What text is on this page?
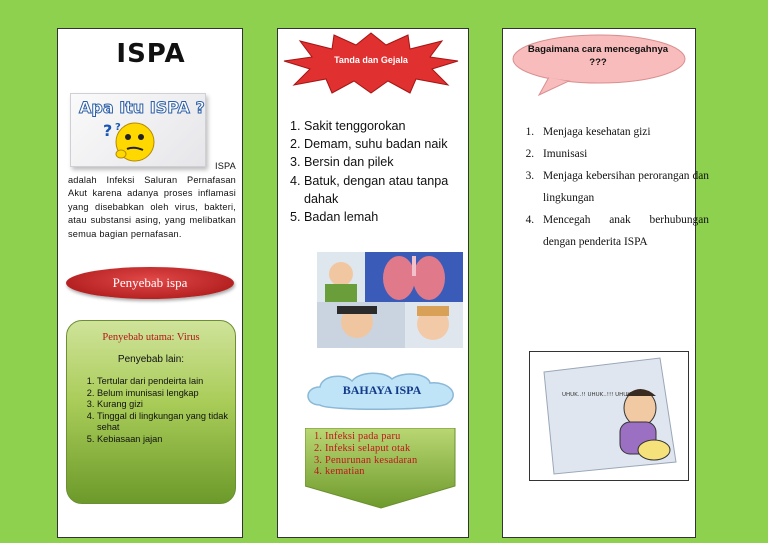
ISPA
Apa Itu ISPA ?
? ?
ISPA
adalah Infeksi Saluran Pernafasan Akut karena adanya proses inflamasi yang disebabkan oleh virus, bakteri, atau substansi asing, yang melibatkan semua bagian pernafasan.
Penyebab ispa
Penyebab utama: Virus
Penyebab lain:
1. Tertular dari pendeirta lain
2. Belum imunisasi lengkap
3. Kurang gizi
4. Tinggal di lingkungan yang tidak sehat
5. Kebiasaan jajan
Tanda dan Gejala
1. Sakit tenggorokan
2. Demam, suhu badan naik
3. Bersin dan pilek
4. Batuk, dengan atau tanpa dahak
5. Badan lemah
BAHAYA ISPA
1. Infeksi pada paru
2. Infeksi selaput otak
3. Penurunan kesadaran
4. kematian
Bagaimana cara mencegahnya ???
1. Menjaga kesehatan gizi
2. Imunisasi
3. Menjaga kebersihan perorangan dan lingkungan
4. Mencegah anak berhubungan dengan penderita ISPA
UHUK..!! UHUK..!!! UHUK!!
